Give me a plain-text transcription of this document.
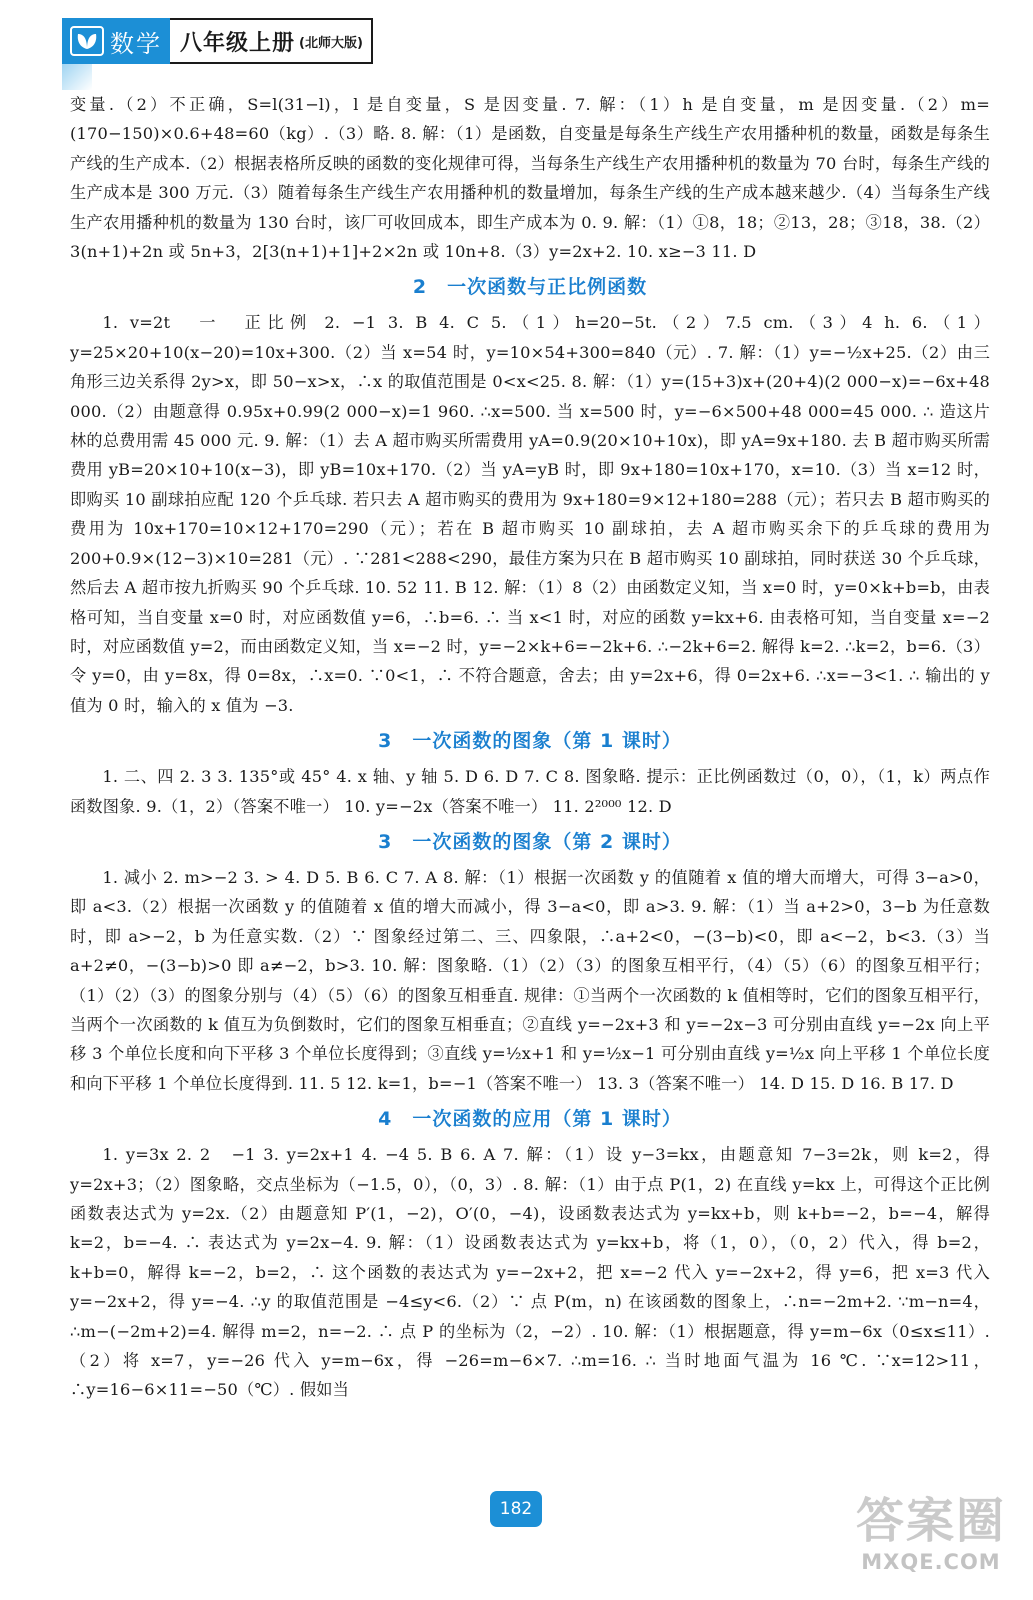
数学 八年级上册 (北师大版)

变量.（2）不正确，S=l(31−l)，l 是自变量，S 是因变量. 7. 解：（1）h 是自变量，m 是因变量.（2）m=(170−150)×0.6+48=60（kg）.（3）略. 8. 解：（1）是函数，自变量是每条生产线生产农用播种机的数量，函数是每条生产线的生产成本.（2）根据表格所反映的函数的变化规律可得，当每条生产线生产农用播种机的数量为 70 台时，每条生产线的生产成本是 300 万元.（3）随着每条生产线生产农用播种机的数量增加，每条生产线的生产成本越来越少.（4）当每条生产线生产农用播种机的数量为 130 台时，该厂可收回成本，即生产成本为 0. 9. 解：（1）①8，18；②13，28；③18，38.（2）3(n+1)+2n 或 5n+3，2[3(n+1)+1]+2×2n 或 10n+8.（3）y=2x+2. 10. x≥−3 11. D

2　一次函数与正比例函数

1. v=2t　一　正比例 2. −1 3. B 4. C 5.（1）h=20−5t.（2）7.5 cm.（3）4 h. 6.（1）y=25×20+10(x−20)=10x+300.（2）当 x=54 时，y=10×54+300=840（元）. 7. 解：（1）y=−½x+25.（2）由三角形三边关系得 2y>x，即 50−x>x，∴x 的取值范围是 0<x<25. 8. 解：（1）y=(15+3)x+(20+4)(2 000−x)=−6x+48 000.（2）由题意得 0.95x+0.99(2 000−x)=1 960. ∴x=500. 当 x=500 时，y=−6×500+48 000=45 000. ∴ 造这片林的总费用需 45 000 元. 9. 解：（1）去 A 超市购买所需费用 yA=0.9(20×10+10x)，即 yA=9x+180. 去 B 超市购买所需费用 yB=20×10+10(x−3)，即 yB=10x+170.（2）当 yA=yB 时，即 9x+180=10x+170，x=10.（3）当 x=12 时，即购买 10 副球拍应配 120 个乒乓球. 若只去 A 超市购买的费用为 9x+180=9×12+180=288（元）；若只去 B 超市购买的费用为 10x+170=10×12+170=290（元）；若在 B 超市购买 10 副球拍，去 A 超市购买余下的乒乓球的费用为 200+0.9×(12−3)×10=281（元）. ∵281<288<290，最佳方案为只在 B 超市购买 10 副球拍，同时获送 30 个乒乓球，然后去 A 超市按九折购买 90 个乒乓球. 10. 52 11. B 12. 解：（1）8（2）由函数定义知，当 x=0 时，y=0×k+b=b，由表格可知，当自变量 x=0 时，对应函数值 y=6，∴b=6. ∴ 当 x<1 时，对应的函数 y=kx+6. 由表格可知，当自变量 x=−2 时，对应函数值 y=2，而由函数定义知，当 x=−2 时，y=−2×k+6=−2k+6. ∴−2k+6=2. 解得 k=2. ∴k=2，b=6.（3）令 y=0，由 y=8x，得 0=8x，∴x=0. ∵0<1，∴ 不符合题意，舍去；由 y=2x+6，得 0=2x+6. ∴x=−3<1. ∴ 输出的 y 值为 0 时，输入的 x 值为 −3.

3　一次函数的图象（第 1 课时）

1. 二、四 2. 3 3. 135°或 45° 4. x 轴、y 轴 5. D 6. D 7. C 8. 图象略. 提示：正比例函数过（0，0），（1，k）两点作函数图象. 9.（1，2）（答案不唯一） 10. y=−2x（答案不唯一） 11. 2²⁰⁰⁰ 12. D

3　一次函数的图象（第 2 课时）

1. 减小 2. m>−2 3. > 4. D 5. B 6. C 7. A 8. 解：（1）根据一次函数 y 的值随着 x 值的增大而增大，可得 3−a>0，即 a<3.（2）根据一次函数 y 的值随着 x 值的增大而减小，得 3−a<0，即 a>3. 9. 解：（1）当 a+2>0，3−b 为任意数时，即 a>−2，b 为任意实数.（2）∵ 图象经过第二、三、四象限，∴a+2<0，−(3−b)<0，即 a<−2，b<3.（3）当 a+2≠0，−(3−b)>0 即 a≠−2，b>3. 10. 解：图象略.（1）（2）（3）的图象互相平行，（4）（5）（6）的图象互相平行；（1）（2）（3）的图象分别与（4）（5）（6）的图象互相垂直. 规律：①当两个一次函数的 k 值相等时，它们的图象互相平行，当两个一次函数的 k 值互为负倒数时，它们的图象互相垂直；②直线 y=−2x+3 和 y=−2x−3 可分别由直线 y=−2x 向上平移 3 个单位长度和向下平移 3 个单位长度得到；③直线 y=½x+1 和 y=½x−1 可分别由直线 y=½x 向上平移 1 个单位长度和向下平移 1 个单位长度得到. 11. 5 12. k=1，b=−1（答案不唯一） 13. 3（答案不唯一） 14. D 15. D 16. B 17. D

4　一次函数的应用（第 1 课时）

1. y=3x 2. 2　−1 3. y=2x+1 4. −4 5. B 6. A 7. 解：（1）设 y−3=kx，由题意知 7−3=2k，则 k=2，得 y=2x+3；（2）图象略，交点坐标为（−1.5，0），（0，3）. 8. 解：（1）由于点 P(1，2) 在直线 y=kx 上，可得这个正比例函数表达式为 y=2x.（2）由题意知 P′(1，−2)，O′(0，−4)，设函数表达式为 y=kx+b，则 k+b=−2，b=−4，解得 k=2，b=−4. ∴ 表达式为 y=2x−4. 9. 解：（1）设函数表达式为 y=kx+b，将（1，0），（0，2）代入，得 b=2，k+b=0，解得 k=−2，b=2，∴ 这个函数的表达式为 y=−2x+2，把 x=−2 代入 y=−2x+2，得 y=6，把 x=3 代入 y=−2x+2，得 y=−4. ∴y 的取值范围是 −4≤y<6.（2）∵ 点 P(m，n) 在该函数的图象上，∴n=−2m+2. ∵m−n=4，∴m−(−2m+2)=4. 解得 m=2，n=−2. ∴ 点 P 的坐标为（2，−2）. 10. 解：（1）根据题意，得 y=m−6x（0≤x≤11）.（2）将 x=7，y=−26 代入 y=m−6x，得 −26=m−6×7. ∴m=16. ∴ 当时地面气温为 16 ℃. ∵x=12>11，∴y=16−6×11=−50（℃）. 假如当

182	答案圈
MXQE.COM
